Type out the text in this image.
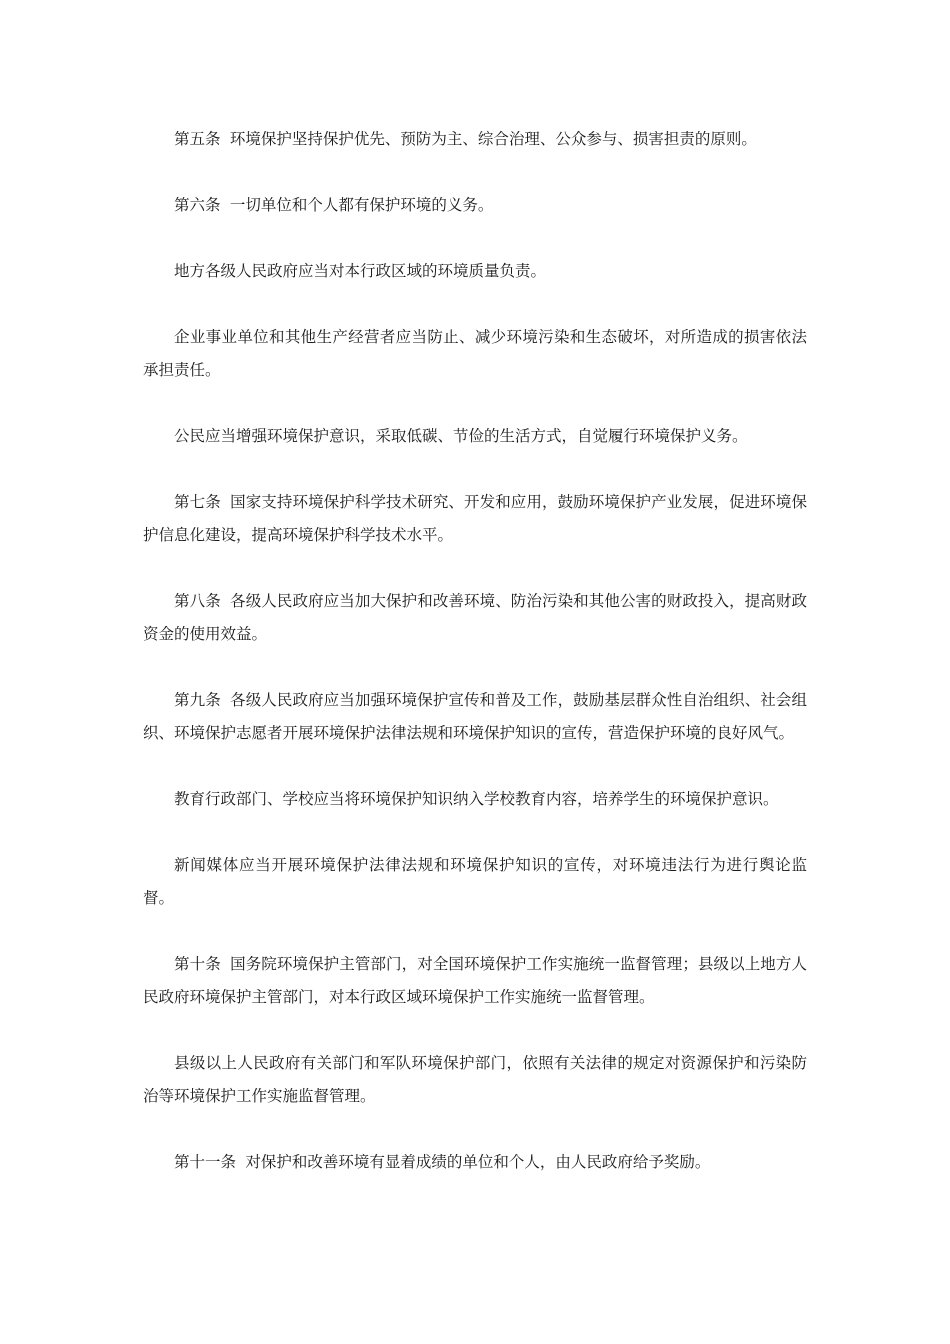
第五条 环境保护坚持保护优先、预防为主、综合治理、公众参与、损害担责的原则。

第六条 一切单位和个人都有保护环境的义务。

地方各级人民政府应当对本行政区域的环境质量负责。

企业事业单位和其他生产经营者应当防止、减少环境污染和生态破坏，对所造成的损害依法承担责任。

公民应当增强环境保护意识，采取低碳、节俭的生活方式，自觉履行环境保护义务。

第七条 国家支持环境保护科学技术研究、开发和应用，鼓励环境保护产业发展，促进环境保护信息化建设，提高环境保护科学技术水平。

第八条 各级人民政府应当加大保护和改善环境、防治污染和其他公害的财政投入，提高财政资金的使用效益。

第九条 各级人民政府应当加强环境保护宣传和普及工作，鼓励基层群众性自治组织、社会组织、环境保护志愿者开展环境保护法律法规和环境保护知识的宣传，营造保护环境的良好风气。

教育行政部门、学校应当将环境保护知识纳入学校教育内容，培养学生的环境保护意识。

新闻媒体应当开展环境保护法律法规和环境保护知识的宣传，对环境违法行为进行舆论监督。

第十条 国务院环境保护主管部门，对全国环境保护工作实施统一监督管理；县级以上地方人民政府环境保护主管部门，对本行政区域环境保护工作实施统一监督管理。

县级以上人民政府有关部门和军队环境保护部门，依照有关法律的规定对资源保护和污染防治等环境保护工作实施监督管理。

第十一条 对保护和改善环境有显着成绩的单位和个人，由人民政府给予奖励。
